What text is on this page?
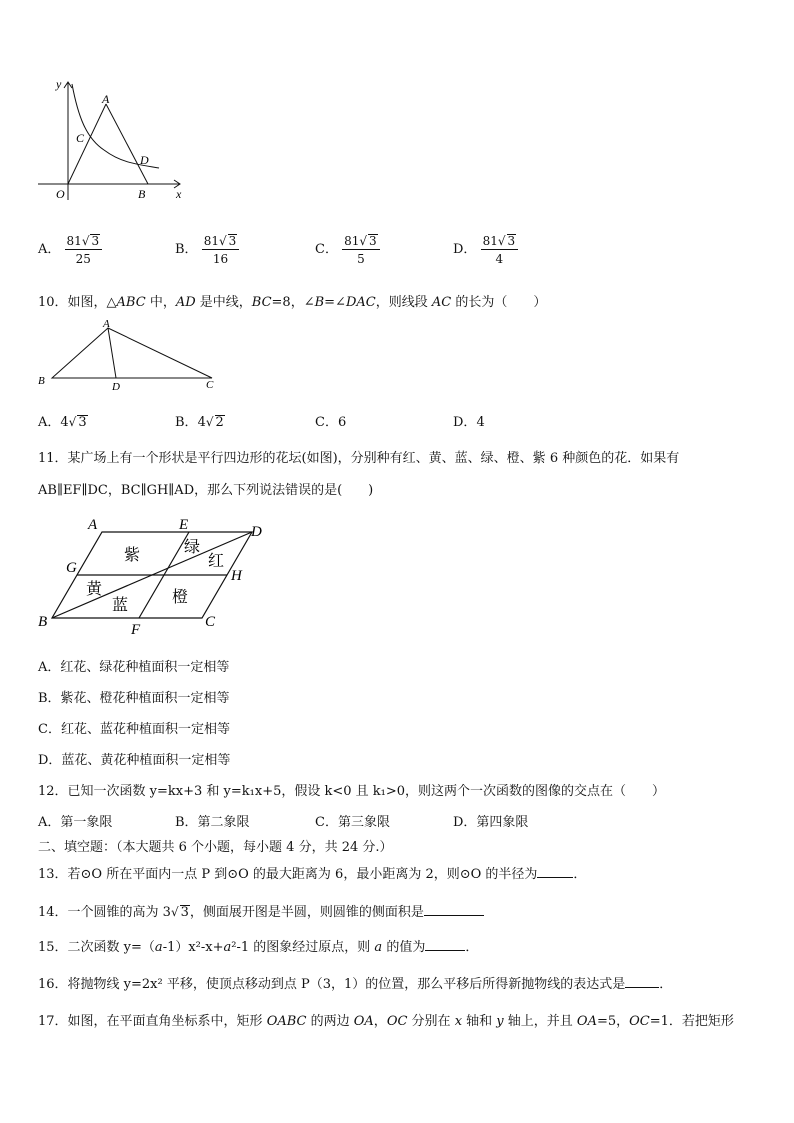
y
x
O
A
B
C
D
A． $\frac{81√ 3}{25}$	B． $\frac{81√ 3}{16}$	C． $\frac{81√ 3}{5}$	D． $\frac{81√ 3}{4}$
10．如图，△ABC 中，AD 是中线，BC=8，∠B=∠DAC，则线段 AC 的长为（　　）
A
B	C
D
A．4√ 3	B．4√ 2	C．6	D．4
11．某广场上有一个形状是平行四边形的花坛(如图)，分别种有红、黄、蓝、绿、橙、紫 6 种颜色的花．如果有
AB∥EF∥DC，BC∥GH∥AD，那么下列说法错误的是(　　)
A	E	D
G	H
B	F	C
紫	绿
红
黄
蓝	橙
A．红花、绿花种植面积一定相等
B．紫花、橙花种植面积一定相等
C．红花、蓝花种植面积一定相等
D．蓝花、黄花种植面积一定相等
12．已知一次函数 y=kx+3 和 y=k₁x+5，假设 k<0 且 k₁>0，则这两个一次函数的图像的交点在（　　）
A．第一象限	B．第二象限	C．第三象限	D．第四象限
二、填空题：（本大题共 6 个小题，每小题 4 分，共 24 分.）
13．若⊙O 所在平面内一点 P 到⊙O 的最大距离为 6，最小距离为 2，则⊙O 的半径为	．
14．一个圆锥的高为 3√ 3，侧面展开图是半圆，则圆锥的侧面积是
15．二次函数 y=（a-1）x²-x+a²-1 的图象经过原点，则 a 的值为	．
16．将抛物线 y=2x² 平移，使顶点移动到点 P（3，1）的位置，那么平移后所得新抛物线的表达式是	．
17．如图，在平面直角坐标系中，矩形 OABC 的两边 OA，OC 分别在 x 轴和 y 轴上，并且 OA=5，OC=1．若把矩形
